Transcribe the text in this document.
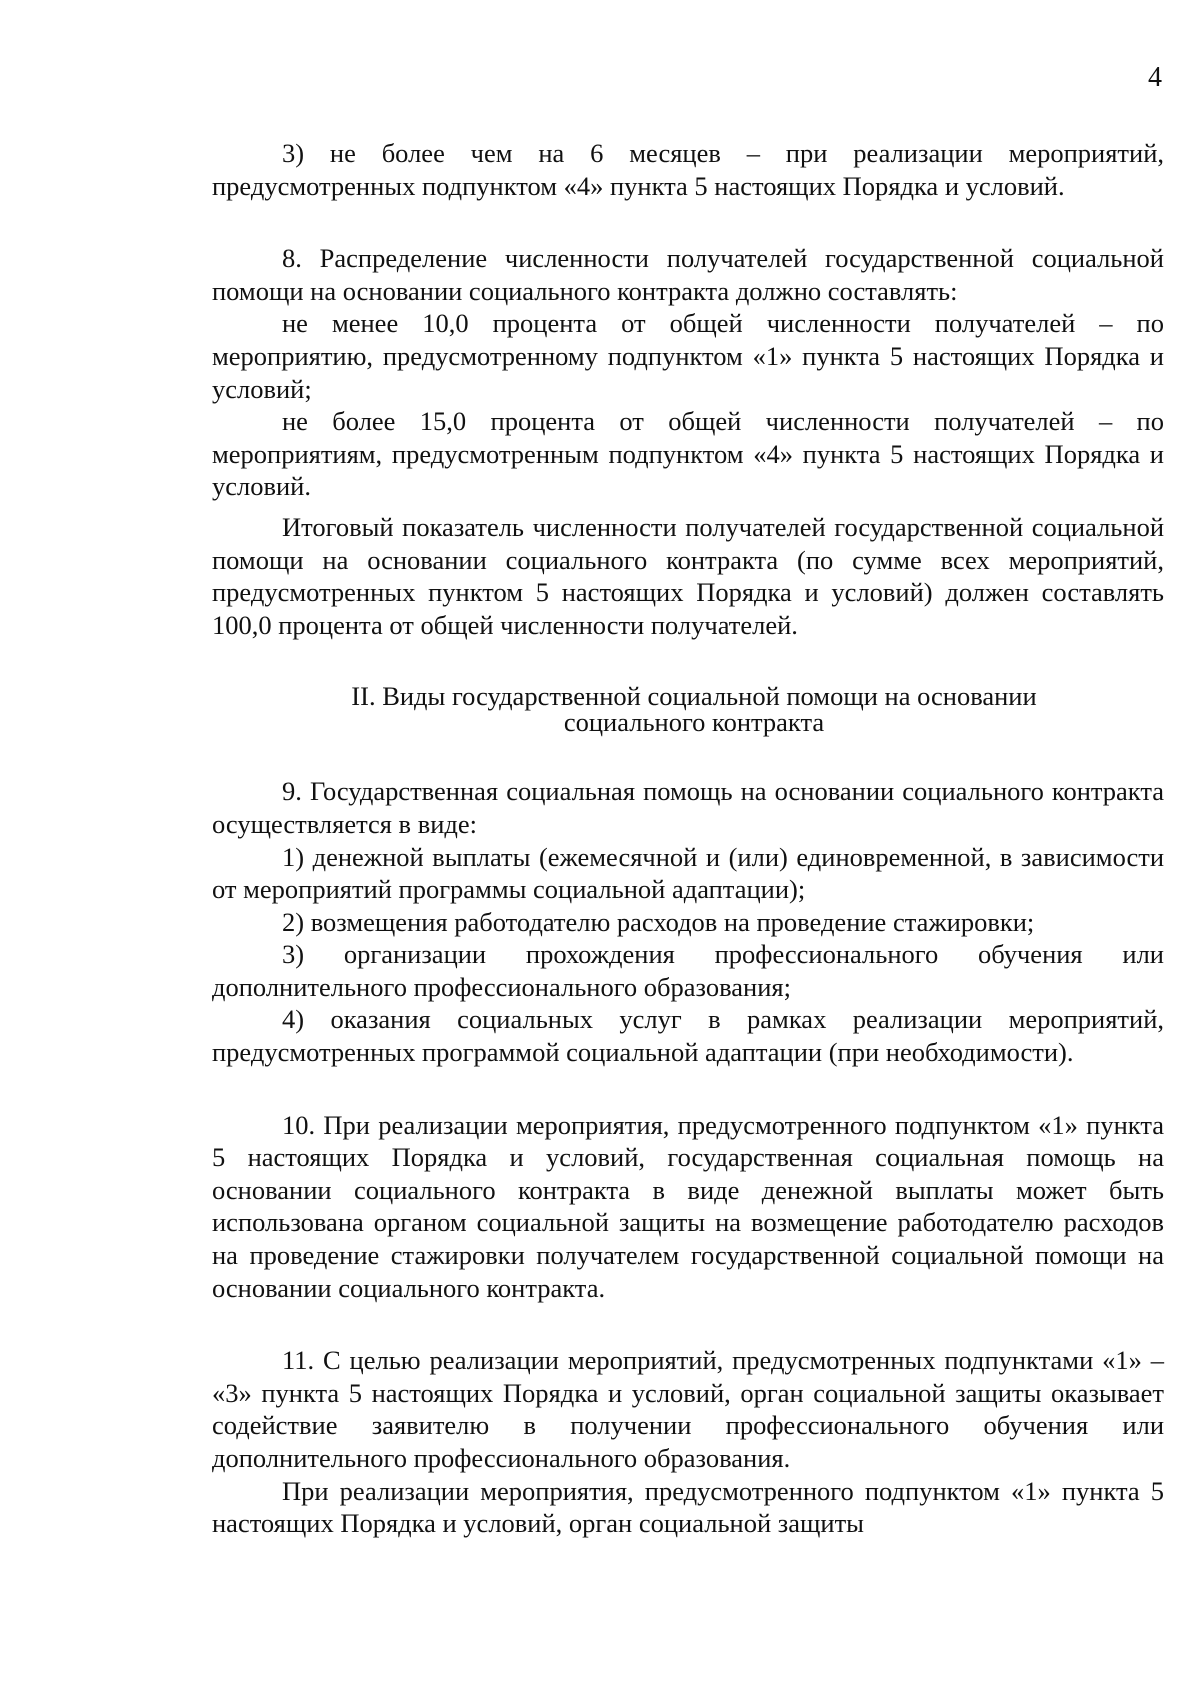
4

3) не более чем на 6 месяцев – при реализации мероприятий, предусмотренных подпунктом «4» пункта 5 настоящих Порядка и условий.

8. Распределение численности получателей государственной социальной помощи на основании социального контракта должно составлять:

не менее 10,0 процента от общей численности получателей – по мероприятию, предусмотренному подпунктом «1» пункта 5 настоящих Порядка и условий;

не более 15,0 процента от общей численности получателей – по мероприятиям, предусмотренным подпунктом «4» пункта 5 настоящих Порядка и условий.

Итоговый показатель численности получателей государственной социальной помощи на основании социального контракта (по сумме всех мероприятий, предусмотренных пунктом 5 настоящих Порядка и условий) должен составлять 100,0 процента от общей численности получателей.

II. Виды государственной социальной помощи на основании
социального контракта

9. Государственная социальная помощь на основании социального контракта осуществляется в виде:

1) денежной выплаты (ежемесячной и (или) единовременной, в зависимости от мероприятий программы социальной адаптации);

2) возмещения работодателю расходов на проведение стажировки;

3) организации прохождения профессионального обучения или дополнительного профессионального образования;

4) оказания социальных услуг в рамках реализации мероприятий, предусмотренных программой социальной адаптации (при необходимости).

10. При реализации мероприятия, предусмотренного подпунктом «1» пункта 5 настоящих Порядка и условий, государственная социальная помощь на основании социального контракта в виде денежной выплаты может быть использована органом социальной защиты на возмещение работодателю расходов на проведение стажировки получателем государственной социальной помощи на основании социального контракта.

11. С целью реализации мероприятий, предусмотренных подпунктами «1» – «3» пункта 5 настоящих Порядка и условий, орган социальной защиты оказывает содействие заявителю в получении профессионального обучения или дополнительного профессионального образования.

При реализации мероприятия, предусмотренного подпунктом «1» пункта 5 настоящих Порядка и условий, орган социальной защиты
